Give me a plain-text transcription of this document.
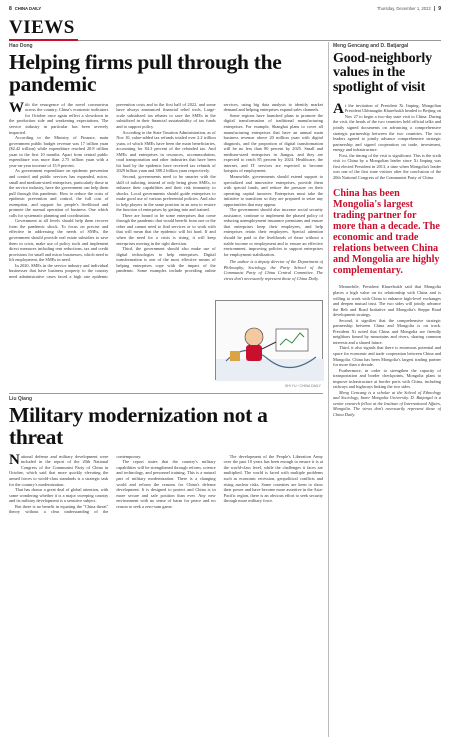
8 CHINA DAILY	Thursday, December 1, 2022 | 9
VIEWS
Hao Dong
Helping firms pull through the pandemic

With the resurgence of the novel coronavirus across the country, China's economic indicators for October once again reflect a slowdown in the production side and weakening expectations. The service industry in particular has been severely impacted.

According to the Ministry of Finance, main government public budget revenue was 17 trillion yuan ($2.42 trillion) while expenditure reached 20.8 trillion yuan in the first 10 months. Apart from central public expenditure was more than 2.75 trillion yuan with a year-on-year increase of 15.9 percent.

As government expenditure on epidemic prevention and control and public services has expanded, micro, small and medium-sized enterprises, particularly those in the service industry, have the government can help them pull through this pandemic. How to reduce the costs of epidemic prevention and control, the full cost of exemption, and support for people's livelihood and promote the normal operation of business. One which calls for systematic planning and coordination.

Government at all levels should help them recover from the pandemic shock. To focus on precise and effective in addressing the needs of SMEs, the government should provide real estate subsidies to save them in crisis, make use of policy tools and implement direct measures including rent reductions, tax and credit provisions for small and micro businesses, which need to lift employment, the SMEs in need.

In 2020, SMEs in the service industry and individual businesses that have business property to the country need administrative cases faced a high rate epidemic prevention costs and in the first half of 2022, and some have always announced financial relief tools, Large-scale subsidized tax rebates to save the SMEs in the subsidized in their financial sustainability of tax funds and to support policy.

According to the State Taxation Administration, as of Nov 10, value-added tax refunds totaled over 2.2 trillion yuan, of which SMEs have been the main beneficiaries, accounting for 84.3 percent of the refunded tax. And SMEs and enterprises in resources, accommodation, road transportation and other industries that have been hit hard by the epidemic have received tax refunds of 2029 billion yuan and 388.2 billion yuan respectively.

Second, governments need to be smarter with the skill of tailoring, instead of only being given SMEs, to enhance their capabilities and their risk immunity to shocks. Local governments should guide enterprises to make good use of various preferential policies. And also to help players in the same position in an area to restore the function of enterprises by getting into and trained.

There are bound to be some enterprises that come through the pandemic that would benefit from one or the other and cannot need to find services or to work with that will mean that the epidemic will hit hard. If and when the need for a crisis is rising, it will keep enterprises moving in the right direction.

Third, the government should also make use of digital technologies to help enterprises. Digital transformation is one of the most effective means of helping enterprises cope with the impact of the pandemic. Some examples include providing online services, using big data analysis to identify market demand and helping enterprises expand sales channels.

Some regions have launched plans to promote the digital transformation of traditional manufacturing enterprises. For example, Shanghai plans to cover all manufacturing enterprises that have an annual main business revenue above 20 million yuan with digital diagnosis, and the proportion of digital transformation will be no less than 80 percent by 2025. Small and medium-sized enterprises in Jiangsu, and they are expected to reach 85 percent by 2024. Healthcare, the internet, and IT services are expected to become hotspots of employment.

Meanwhile, governments should extend support to specialized and innovative enterprises, provide them with special funds, and reduce the pressure on their operating capital turnover. Enterprises must take the initiative to transform so they are prepared to seize any opportunities that may appear.

The government should also increase social security assistance, continue to implement the phased policy of reducing unemployment insurance premiums and ensure that enterprises keep their employees, and help enterprises retain their employees. Special attention should be paid to the livelihoods of those without a stable income or employment and to ensure an effective environment, improving policies to support enterprises for employment stabilization.

The author is a deputy director of the Department of Philosophy, Sociology, the Party School of the Communist Party of China Central Committee. The views don't necessarily represent those of China Daily.

SHI YU / CHINA DAILY
Liu Qiang
Military modernization not a threat

National defense and military development were included in the report of the 20th National Congress of the Communist Party of China in October, which said that more quickly elevating the armed forces to world-class standards is a strategic task for the country's modernization.

That has drawn a great deal of global attention, with some wondering whether it is a major sweeping country and its military development is a sensitive subject.

But there is no benefit in equating the "China threat" theory without a clear understanding of the contemporary.

The report states that the country's military capabilities will be strengthened through reform, science and technology, and personnel training. This is a natural part of military modernization. There is a changing world and reform the reasons for China's defense development. It is designed to protect and China is in more secure and safe position than ever. Any new environment with no sense of harm for peace and no reason to seek a zero-sum game.

The development of the People's Liberation Army over the past 10 years has been enough to ensure it is at the world-class level, while the challenges it faces are multiplied. The world is faced with multiple problems such as economic recession, geopolitical conflicts and rising nuclear risks. Some countries are keen to show their power and have become more assertive in the Asia-Pacific region, there is an obvious effort to seek security through more military force.

Meng Gencang and D. Batjargal
Good-neighborly values in the spotlight of visit

At the invitation of President Xi Jinping, Mongolian President Ukhnaagiin Khurelsukh headed to Beijing on Nov 27 to begin a two-day state visit to China. During the visit, the heads of the two countries held official talks and jointly signed documents on advancing a comprehensive strategic partnership between the two countries. The two leaders agreed to jointly advance comprehensive strategic partnership and signed cooperation on trade, investment, energy and infrastructure.

First, the timing of the visit is significant. This is the sixth visit to China by a Mongolian leader since Xi Jinping was first elected President in 2013, a time when Mongolia's leader was one of the first state visitors after the conclusion of the 20th National Congress of the Communist Party of China.

China has been Mongolia's largest trading partner for more than a decade. The economic and trade relations between China and Mongolia are highly complementary.

Meanwhile, President Khurelsukh said that Mongolia places a high value on its relationship with China and is willing to work with China to enhance high-level exchanges and deepen mutual trust. The two sides will jointly advance the Belt and Road Initiative and Mongolia's Steppe Road development strategy.

Second, it signifies that the comprehensive strategic partnership between China and Mongolia is on track. President Xi noted that China and Mongolia are friendly neighbors bound by mountains and rivers, sharing common interests and a shared future.

Third, it also signals that there is enormous potential and space for economic and trade cooperation between China and Mongolia. China has been Mongolia's largest trading partner for more than a decade.

Furthermore, in order to strengthen the capacity of transportation and border checkpoints, Mongolia plans to improve infrastructure at border ports with China, including railways and highways linking the two sides.

Meng Gencang is a scholar at the School of Ethnology and Sociology, Inner Mongolia University. D. Batjargal is a senior research fellow at the Institute of International Affairs, Mongolia. The views don't necessarily represent those of China Daily.
